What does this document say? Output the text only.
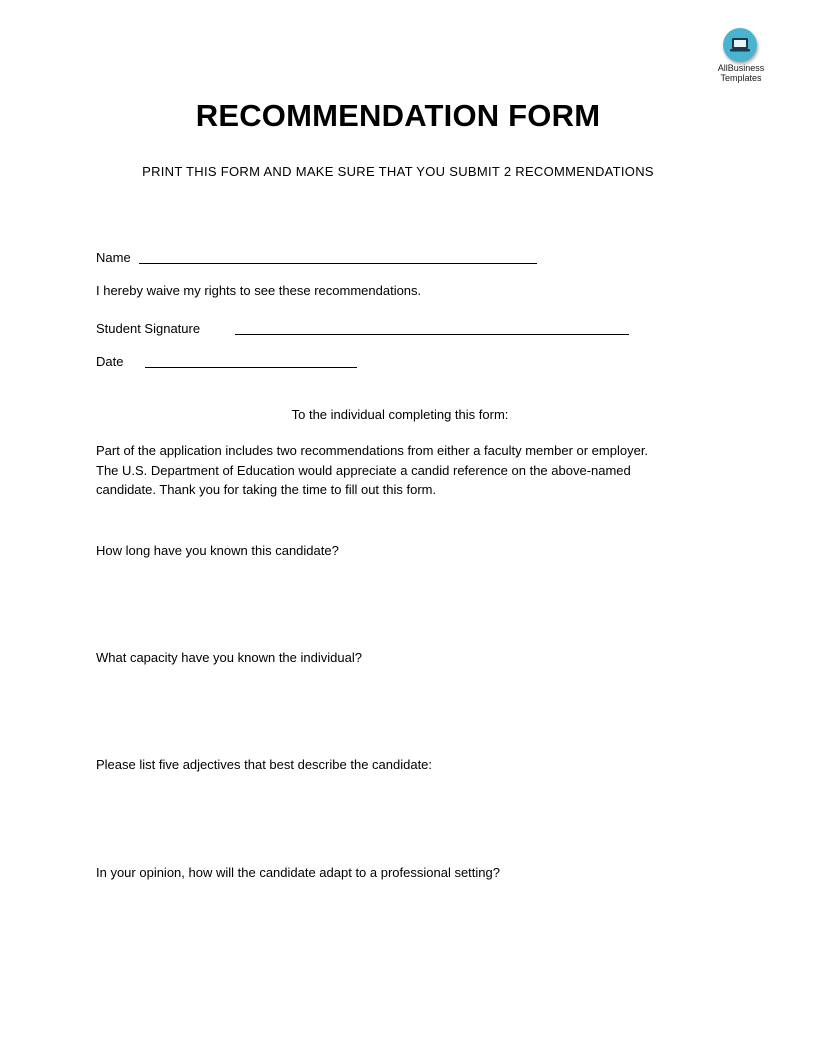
AllBusiness
Templates
RECOMMENDATION FORM
PRINT THIS FORM AND MAKE SURE THAT YOU SUBMIT 2 RECOMMENDATIONS
Name
I hereby waive my rights to see these recommendations.
Student Signature
Date
To the individual completing this form:
Part of the application includes two recommendations from either a faculty member or employer.
The U.S. Department of Education would appreciate a candid reference on the above-named
candidate. Thank you for taking the time to fill out this form.
How long have you known this candidate?
What capacity have you known the individual?
Please list five adjectives that best describe the candidate:
In your opinion, how will the candidate adapt to a professional setting?
